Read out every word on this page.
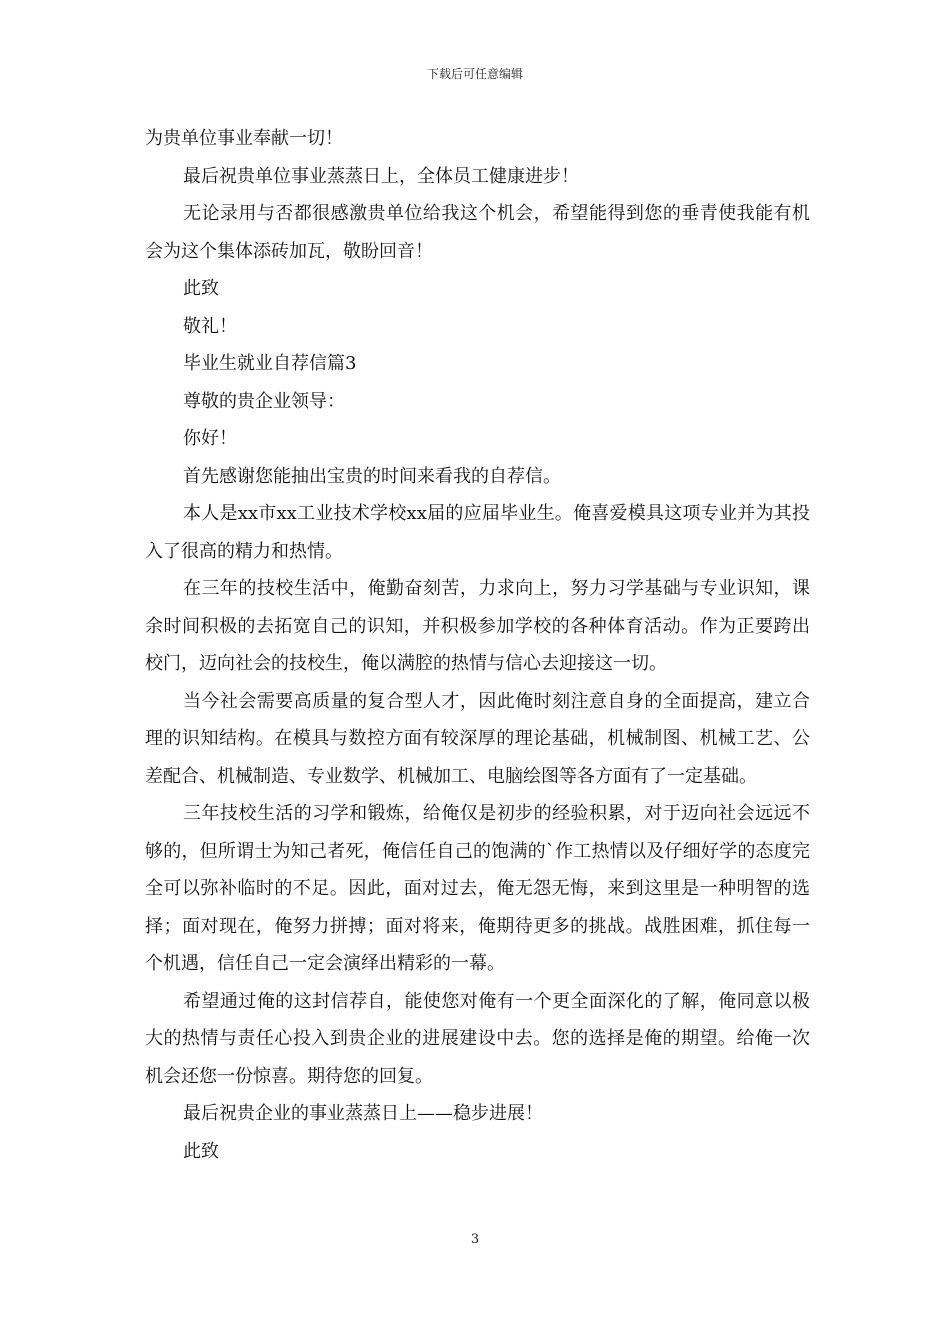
下载后可任意编辑

为贵单位事业奉献一切！

最后祝贵单位事业蒸蒸日上，全体员工健康进步！

无论录用与否都很感激贵单位给我这个机会，希望能得到您的垂青使我能有机会为这个集体添砖加瓦，敬盼回音！

此致

敬礼！

毕业生就业自荐信篇3

尊敬的贵企业领导：

你好！

首先感谢您能抽出宝贵的时间来看我的自荐信。

本人是xx市xx工业技术学校xx届的应届毕业生。俺喜爱模具这项专业并为其投入了很高的精力和热情。

在三年的技校生活中，俺勤奋刻苦，力求向上，努力习学基础与专业识知，课余时间积极的去拓宽自己的识知，并积极参加学校的各种体育活动。作为正要跨出校门，迈向社会的技校生，俺以满腔的热情与信心去迎接这一切。

当今社会需要高质量的复合型人才，因此俺时刻注意自身的全面提高，建立合理的识知结构。在模具与数控方面有较深厚的理论基础，机械制图、机械工艺、公差配合、机械制造、专业数学、机械加工、电脑绘图等各方面有了一定基础。

三年技校生活的习学和锻炼，给俺仅是初步的经验积累，对于迈向社会远远不够的，但所谓士为知己者死，俺信任自己的饱满的`作工热情以及仔细好学的态度完全可以弥补临时的不足。因此，面对过去，俺无怨无悔，来到这里是一种明智的选择；面对现在，俺努力拼搏；面对将来，俺期待更多的挑战。战胜困难，抓住每一个机遇，信任自己一定会演绎出精彩的一幕。

希望通过俺的这封信荐自，能使您对俺有一个更全面深化的了解，俺同意以极大的热情与责任心投入到贵企业的进展建设中去。您的选择是俺的期望。给俺一次机会还您一份惊喜。期待您的回复。

最后祝贵企业的事业蒸蒸日上——稳步进展！

此致

3
